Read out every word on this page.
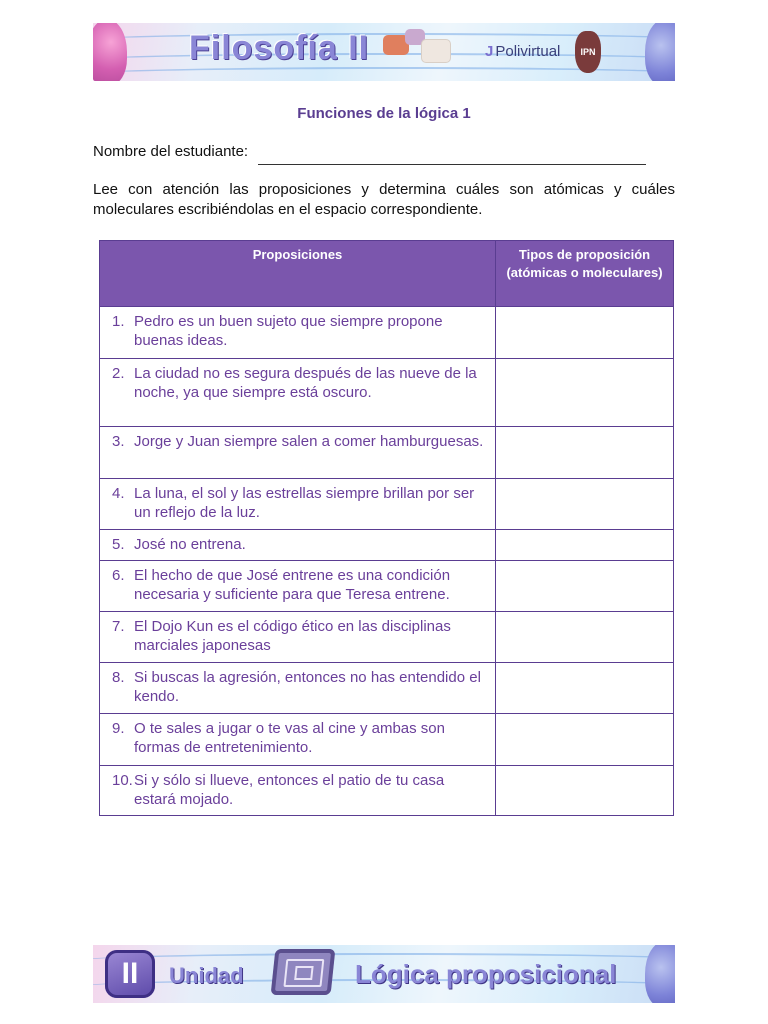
Filosofía II	J Polivirtual	IPN
Funciones de la lógica 1
Nombre del estudiante:
Lee con atención las proposiciones y determina cuáles son atómicas y cuáles moleculares escribiéndolas en el espacio correspondiente.
Proposiciones	Tipos de proposición (atómicas o moleculares)

1. Pedro es un buen sujeto que siempre propone buenas ideas.	

2. La ciudad no es segura después de las nueve de la noche, ya que siempre está oscuro.	

3. Jorge y Juan siempre salen a comer hamburguesas.	

4. La luna, el sol y las estrellas siempre brillan por ser un reflejo de la luz.	

5. José no entrena.	

6. El hecho de que José entrene es una condición necesaria y suficiente para que Teresa entrene.	

7. El Dojo Kun es el código ético en las disciplinas marciales japonesas	

8. Si buscas la agresión, entonces no has entendido el kendo.	

9. O te sales a jugar o te vas al cine y ambas son formas de entretenimiento.	

10. Si y sólo si llueve, entonces el patio de tu casa estará mojado.	

II	Unidad	Lógica proposicional
